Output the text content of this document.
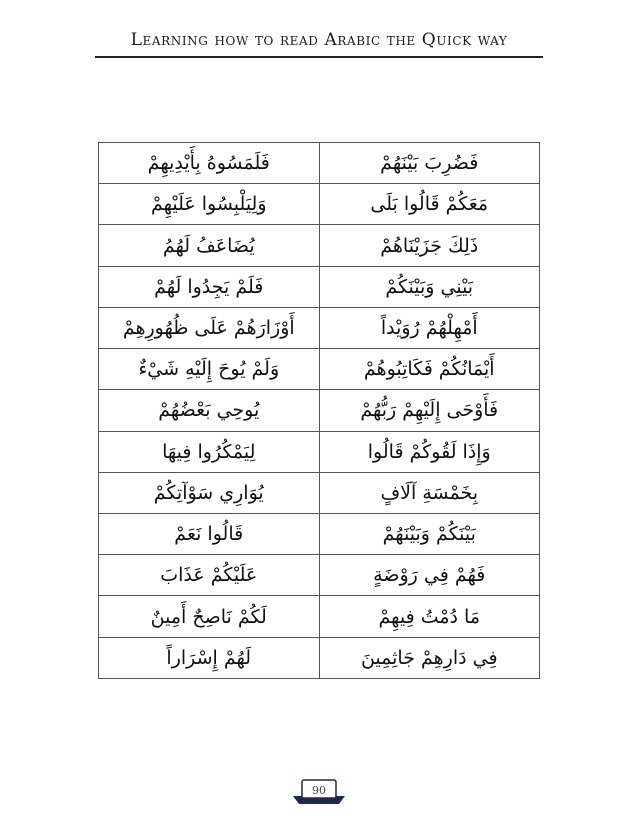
Learning how to read Arabic the Quick way
فَلَمَسُوهُ بِأَيْدِيهِمْ	فَضُرِبَ بَيْنَهُمْ
وَلِيَلْبِسُوا عَلَيْهِمْ	مَعَكُمْ قَالُوا بَلَى
يُضَاعَفُ لَهُمُ	ذَلِكَ جَزَيْنَاهُمْ
فَلَمْ يَجِدُوا لَهُمْ	بَيْنِي وَبَيْنَكُمْ
أَوْزَارَهُمْ عَلَى ظُهُورِهِمْ	أَمْهِلْهُمْ رُوَيْداً
وَلَمْ يُوحَ إِلَيْهِ شَيْءٌ	أَيْمَانُكُمْ فَكَاتِبُوهُمْ
يُوحِي بَعْضُهُمْ	فَأَوْحَى إِلَيْهِمْ رَبُّهُمْ
لِيَمْكُرُوا فِيهَا	وَإِذَا لَقُوكُمْ قَالُوا
يُوَارِي سَوْآتِكُمْ	بِخَمْسَةِ آلَافٍ
قَالُوا نَعَمْ	بَيْنَكُمْ وَبَيْنَهُمْ
عَلَيْكُمْ عَذَابَ	فَهُمْ فِي رَوْضَةٍ
لَكُمْ نَاصِحٌ أَمِينٌ	مَا دُمْتُ فِيهِمْ
لَهُمْ إِسْرَاراً	فِي دَارِهِمْ جَاثِمِينَ
90
